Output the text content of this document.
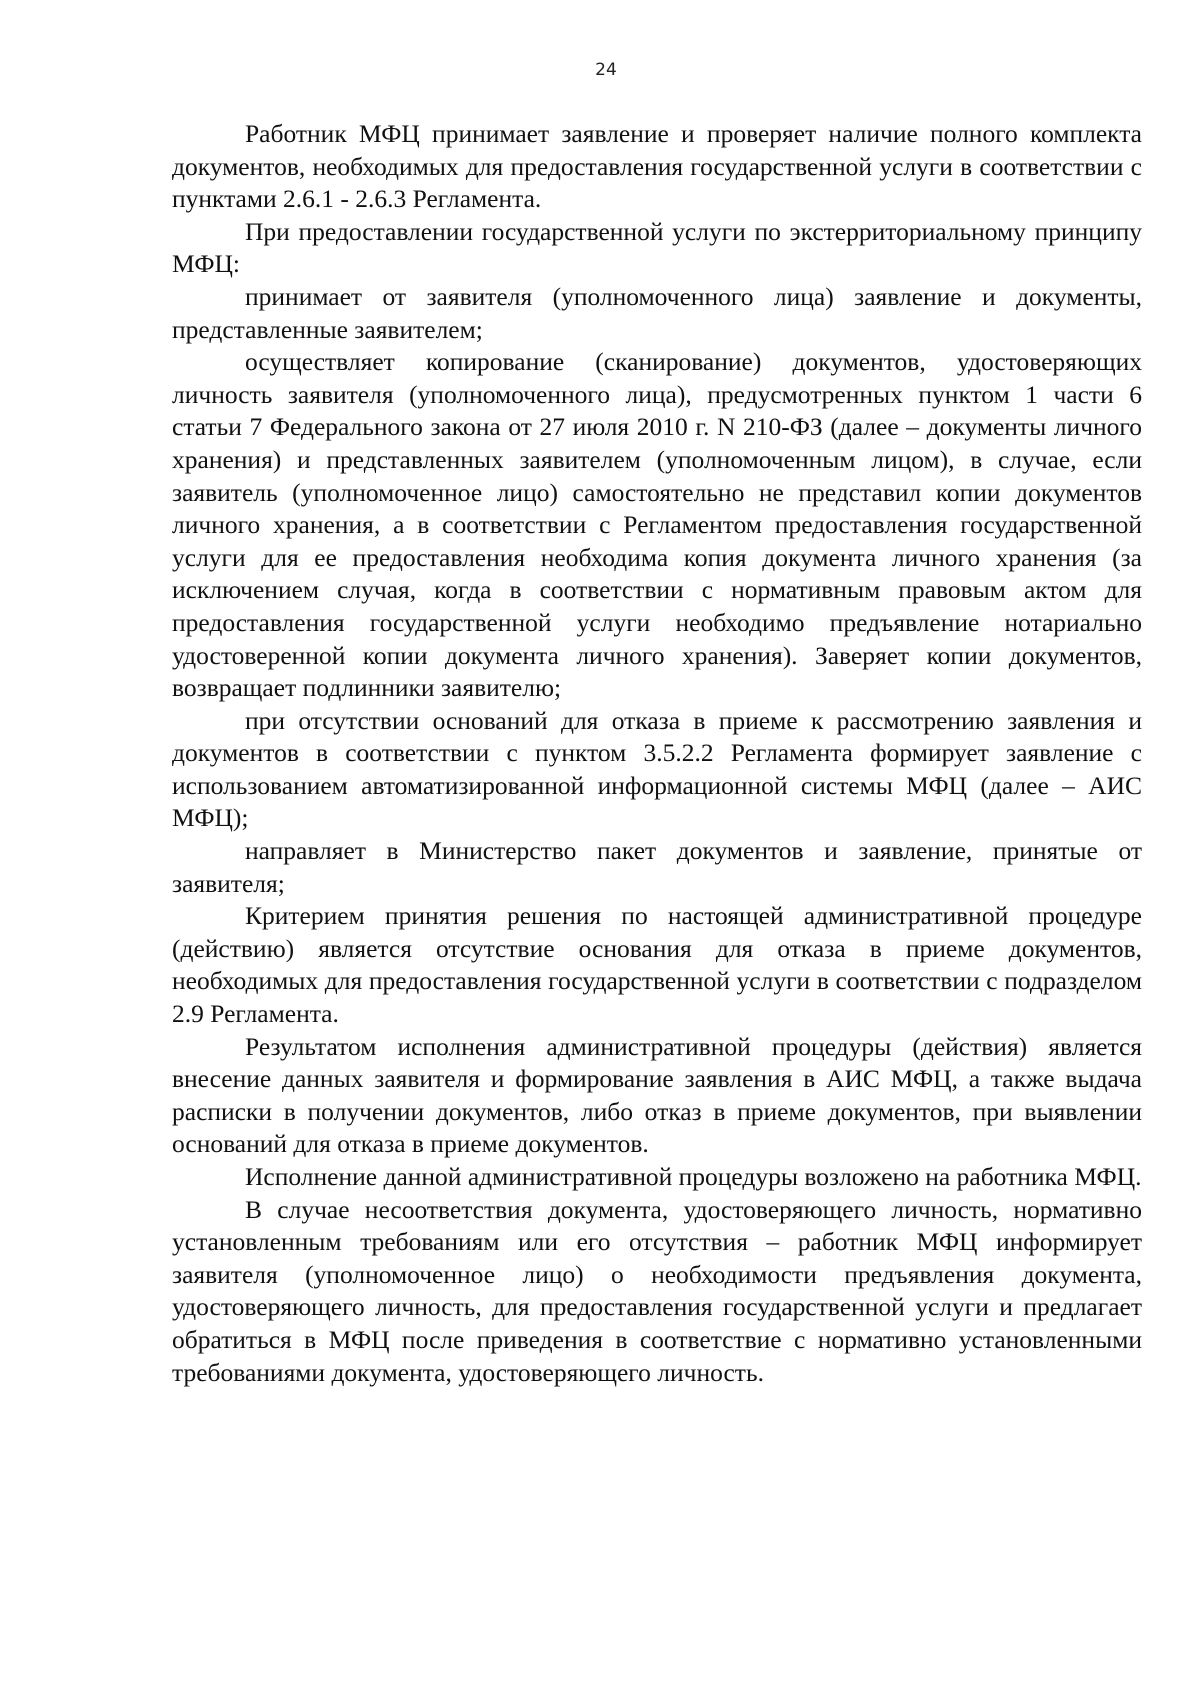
24

Работник МФЦ принимает заявление и проверяет наличие полного комплекта документов, необходимых для предоставления государственной услуги в соответствии с пунктами 2.6.1 - 2.6.3 Регламента.

При предоставлении государственной услуги по экстерриториальному принципу МФЦ:

принимает от заявителя (уполномоченного лица) заявление и документы, представленные заявителем;

осуществляет копирование (сканирование) документов, удостоверяющих личность заявителя (уполномоченного лица), предусмотренных пунктом 1 части 6 статьи 7 Федерального закона от 27 июля 2010 г. N 210-ФЗ (далее – документы личного хранения) и представленных заявителем (уполномоченным лицом), в случае, если заявитель (уполномоченное лицо) самостоятельно не представил копии документов личного хранения, а в соответствии с Регламентом предоставления государственной услуги для ее предоставления необходима копия документа личного хранения (за исключением случая, когда в соответствии с нормативным правовым актом для предоставления государственной услуги необходимо предъявление нотариально удостоверенной копии документа личного хранения). Заверяет копии документов, возвращает подлинники заявителю;

при отсутствии оснований для отказа в приеме к рассмотрению заявления и документов в соответствии с пунктом 3.5.2.2 Регламента формирует заявление с использованием автоматизированной информационной системы МФЦ (далее – АИС МФЦ);

направляет в Министерство пакет документов и заявление, принятые от заявителя;

Критерием принятия решения по настоящей административной процедуре (действию) является отсутствие основания для отказа в приеме документов, необходимых для предоставления государственной услуги в соответствии с подразделом 2.9 Регламента.

Результатом исполнения административной процедуры (действия) является внесение данных заявителя и формирование заявления в АИС МФЦ, а также выдача расписки в получении документов, либо отказ в приеме документов, при выявлении оснований для отказа в приеме документов.

Исполнение данной административной процедуры возложено на работника МФЦ.

В случае несоответствия документа, удостоверяющего личность, нормативно установленным требованиям или его отсутствия – работник МФЦ информирует заявителя (уполномоченное лицо) о необходимости предъявления документа, удостоверяющего личность, для предоставления государственной услуги и предлагает обратиться в МФЦ после приведения в соответствие с нормативно установленными требованиями документа, удостоверяющего личность.
